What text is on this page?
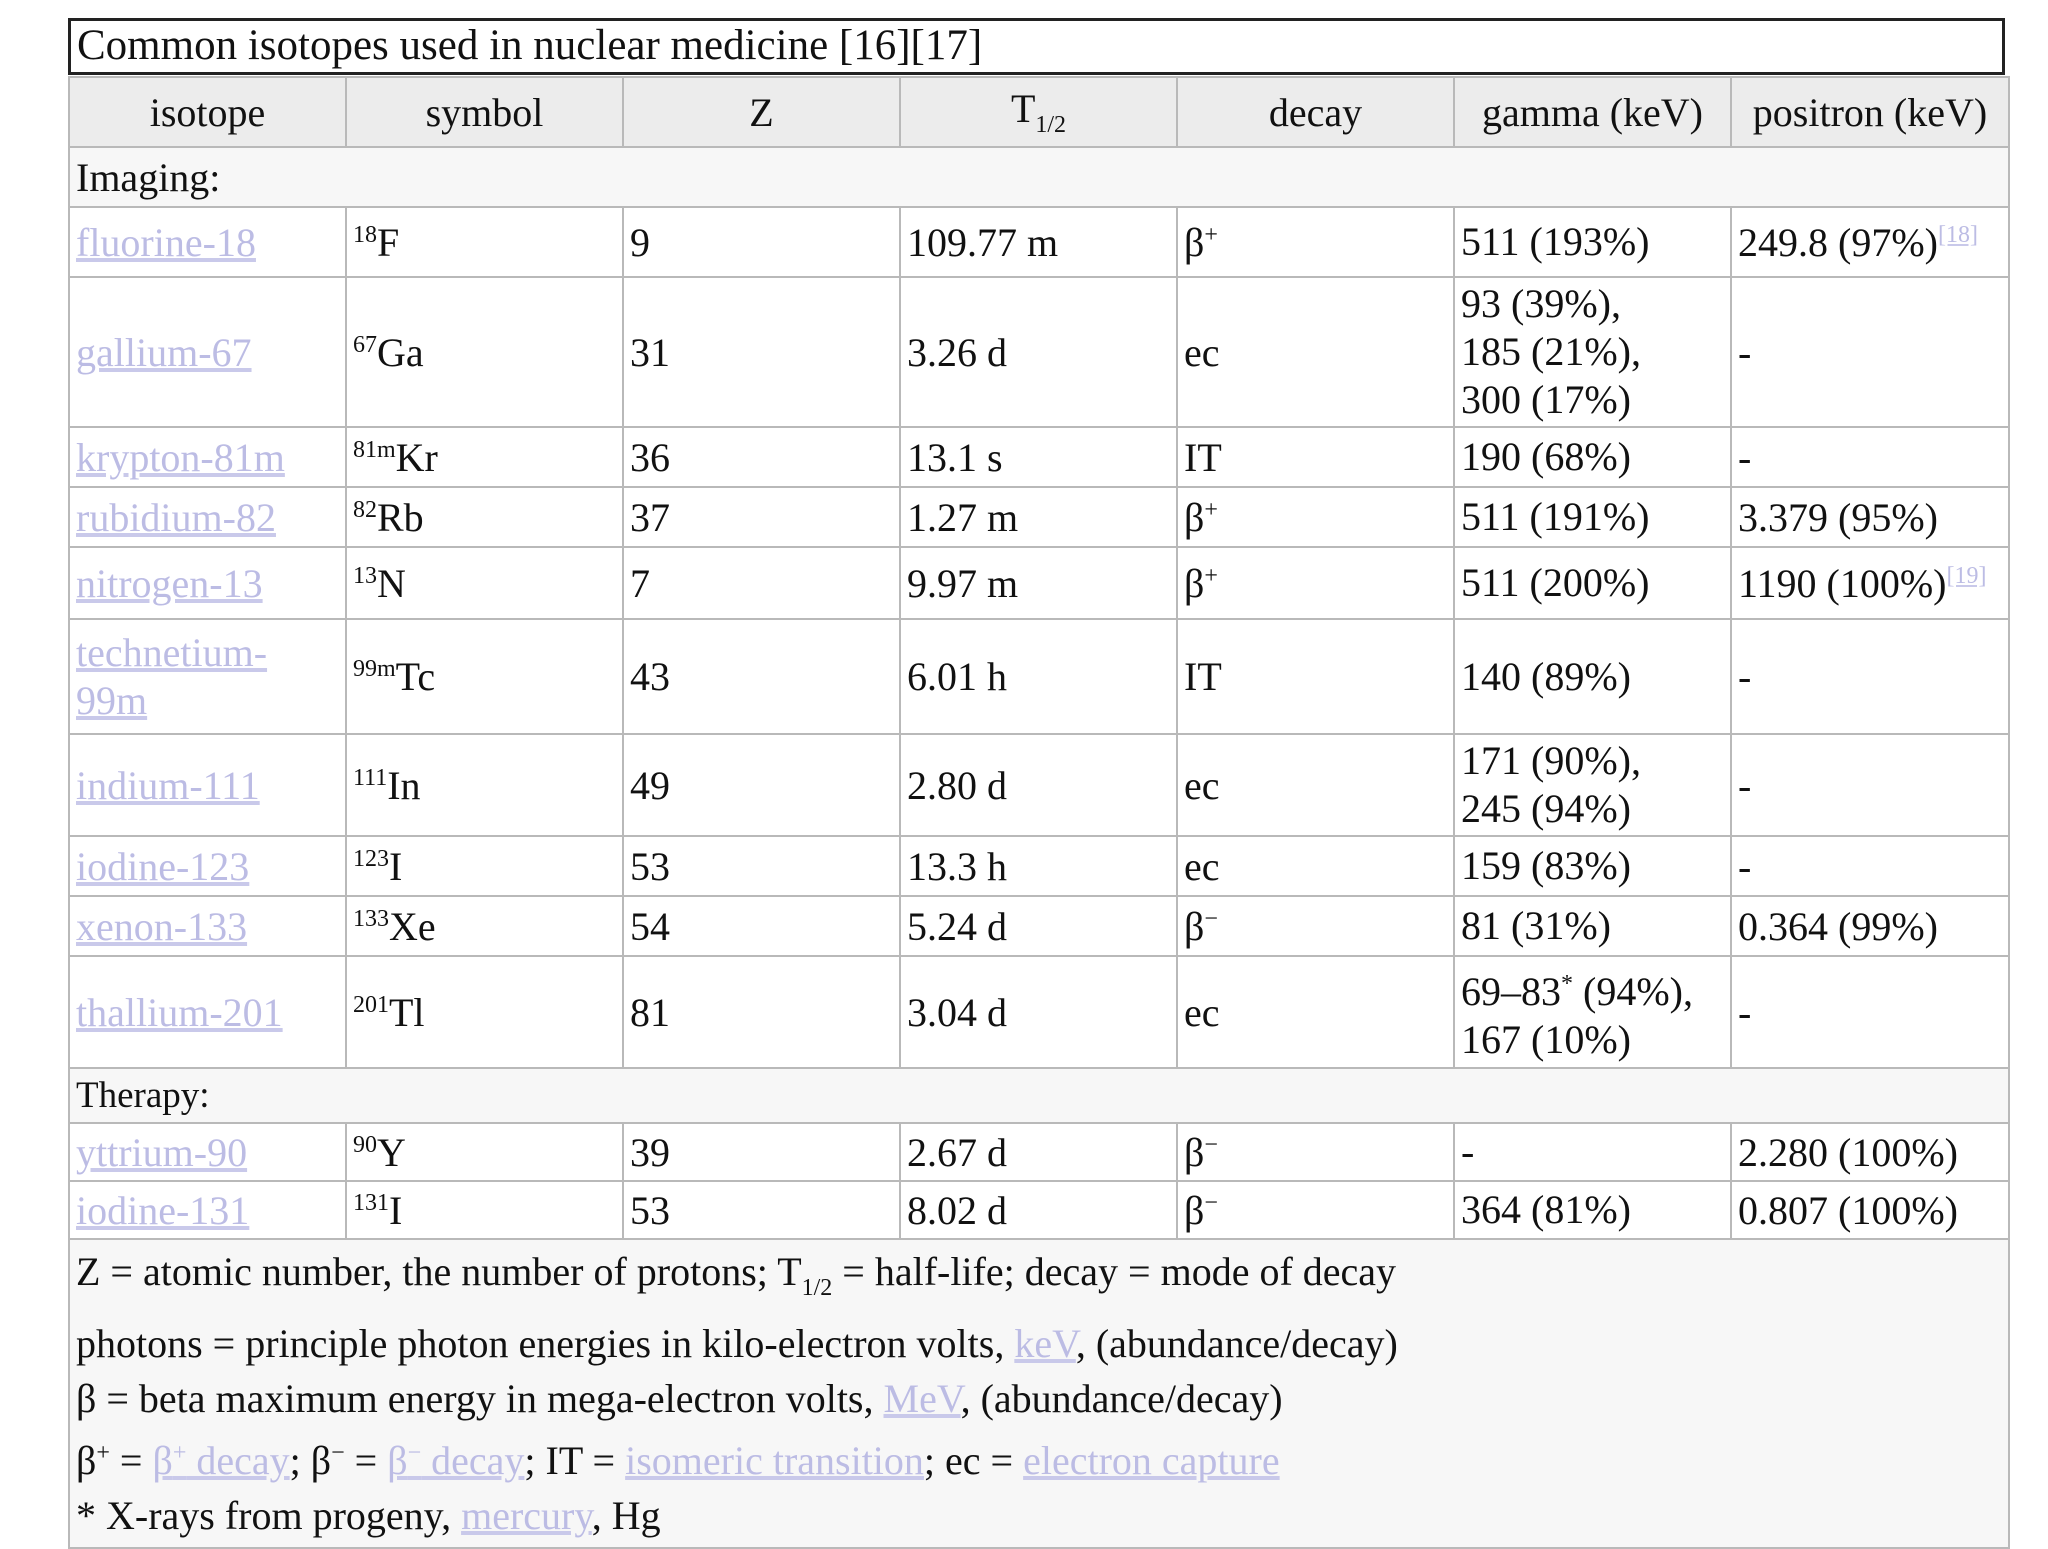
Common isotopes used in nuclear medicine [16][17]
isotope	symbol	Z	$T_{1/2}$	decay	gamma (keV)	positron (keV)
Imaging:						
fluorine-18	$^{18}$F	9	109.77 m	β+	511 (193%)	249.8 (97%)[18]
gallium-67	$^{67}$Ga	31	3.26 d	ec	93 (39%),
185 (21%),
300 (17%)	-
krypton-81m	$^{81m}$Kr	36	13.1 s	IT	190 (68%)	-
rubidium-82	$^{82}$Rb	37	1.27 m	β+	511 (191%)	3.379 (95%)
nitrogen-13	$^{13}$N	7	9.97 m	β+	511 (200%)	1190 (100%)[19]
technetium-
99m	$^{99m}$Tc	43	6.01 h	IT	140 (89%)	-
indium-111	$^{111}$In	49	2.80 d	ec	171 (90%),
245 (94%)	-
iodine-123	$^{123}$I	53	13.3 h	ec	159 (83%)	-
xenon-133	$^{133}$Xe	54	5.24 d	β−	81 (31%)	0.364 (99%)
thallium-201	$^{201}$Tl	81	3.04 d	ec	69–83* (94%),
167 (10%)	-
Therapy:						
yttrium-90	$^{90}$Y	39	2.67 d	β−	-	2.280 (100%)
iodine-131	$^{131}$I	53	8.02 d	β−	364 (81%)	0.807 (100%)

Z = atomic number, the number of protons; $T_{1/2}$ = half-life; decay = mode of decay
photons = principle photon energies in kilo-electron volts, keV, (abundance/decay)
β = beta maximum energy in mega-electron volts, MeV, (abundance/decay)
β+ = β+ decay; β− = β− decay; IT = isomeric transition; ec = electron capture
* X-rays from progeny, mercury, Hg						
